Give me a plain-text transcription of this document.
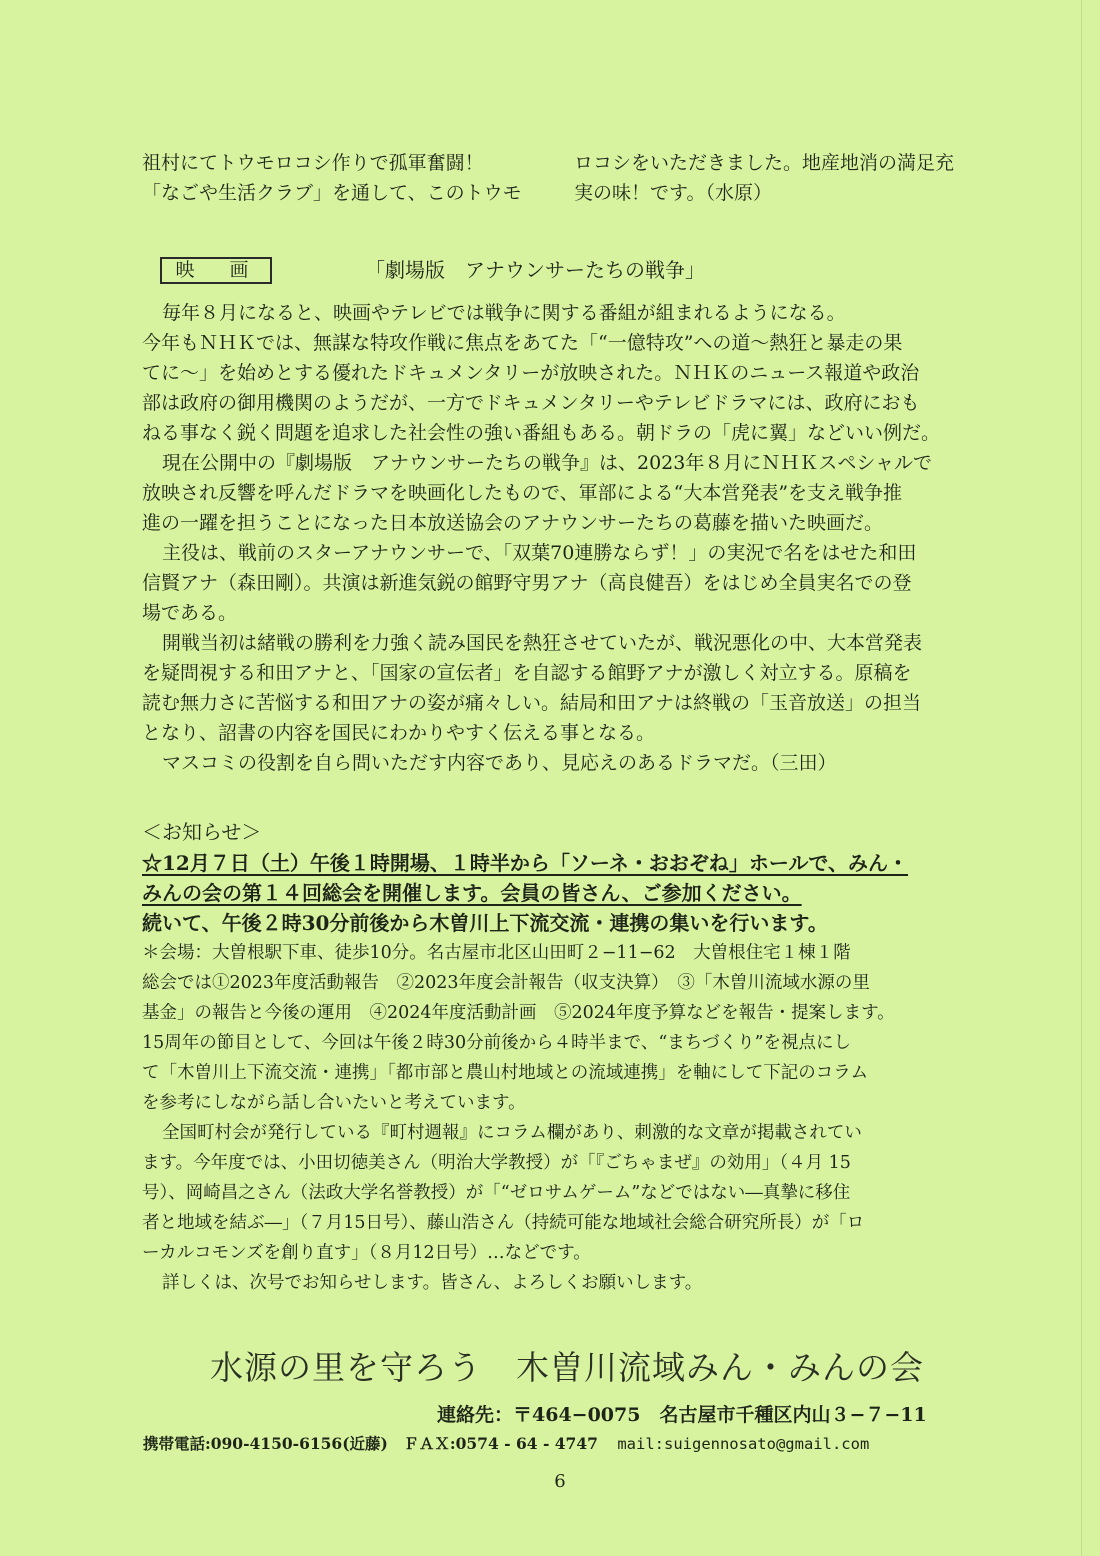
祖村にてトウモロコシ作りで孤軍奮闘！
「なごや生活クラブ」を通して、このトウモ
ロコシをいただきました。地産地消の満足充
実の味！です。（水原）
映　画	「劇場版　アナウンサーたちの戦争」

毎年８月になると、映画やテレビでは戦争に関する番組が組まれるようになる。

今年もＮＨＫでは、無謀な特攻作戦に焦点をあてた「“一億特攻”への道～熱狂と暴走の果

てに～」を始めとする優れたドキュメンタリーが放映された。ＮＨＫのニュース報道や政治

部は政府の御用機関のようだが、一方でドキュメンタリーやテレビドラマには、政府におも

ねる事なく鋭く問題を追求した社会性の強い番組もある。朝ドラの「虎に翼」などいい例だ。

現在公開中の『劇場版　アナウンサーたちの戦争』は、2023年８月にＮＨＫスペシャルで

放映され反響を呼んだドラマを映画化したもので、軍部による“大本営発表”を支え戦争推

進の一躍を担うことになった日本放送協会のアナウンサーたちの葛藤を描いた映画だ。

主役は、戦前のスターアナウンサーで、「双葉70連勝ならず！」の実況で名をはせた和田

信賢アナ（森田剛）。共演は新進気鋭の館野守男アナ（高良健吾）をはじめ全員実名での登

場である。

開戦当初は緒戦の勝利を力強く読み国民を熱狂させていたが、戦況悪化の中、大本営発表

を疑問視する和田アナと、「国家の宣伝者」を自認する館野アナが激しく対立する。原稿を

読む無力さに苦悩する和田アナの姿が痛々しい。結局和田アナは終戦の「玉音放送」の担当

となり、詔書の内容を国民にわかりやすく伝える事となる。

マスコミの役割を自ら問いただす内容であり、見応えのあるドラマだ。（三田）

＜お知らせ＞

☆12月７日（土）午後１時開場、１時半から「ソーネ・おおぞね」ホールで、みん・

みんの会の第１４回総会を開催します。会員の皆さん、ご参加ください。

続いて、午後２時30分前後から木曽川上下流交流・連携の集いを行います。

＊会場：大曽根駅下車、徒歩10分。名古屋市北区山田町２−11−62　大曽根住宅１棟１階

総会では①2023年度活動報告　②2023年度会計報告（収支決算）　③「木曽川流域水源の里

基金」の報告と今後の運用　④2024年度活動計画　⑤2024年度予算などを報告・提案します。

15周年の節目として、今回は午後２時30分前後から４時半まで、“まちづくり”を視点にし

て「木曽川上下流交流・連携」「都市部と農山村地域との流域連携」を軸にして下記のコラム

を参考にしながら話し合いたいと考えています。

全国町村会が発行している『町村週報』にコラム欄があり、刺激的な文章が掲載されてい

ます。今年度では、小田切徳美さん（明治大学教授）が「『ごちゃまぜ』の効用」（４月 15

号）、岡崎昌之さん（法政大学名誉教授）が「“ゼロサムゲーム”などではない―真摯に移住

者と地域を結ぶ―」（７月15日号）、藤山浩さん（持続可能な地域社会総合研究所長）が「ロ

ーカルコモンズを創り直す」（８月12日号）…などです。

詳しくは、次号でお知らせします。皆さん、よろしくお願いします。

水源の里を守ろう　木曽川流域みん・みんの会
連絡先：〒464−0075　名古屋市千種区内山３−７−11
携帯電話:090-4150-6156(近藤)　ＦＡＸ:0574 - 64 - 4747 mail:suigennosato@gmail.com
6
